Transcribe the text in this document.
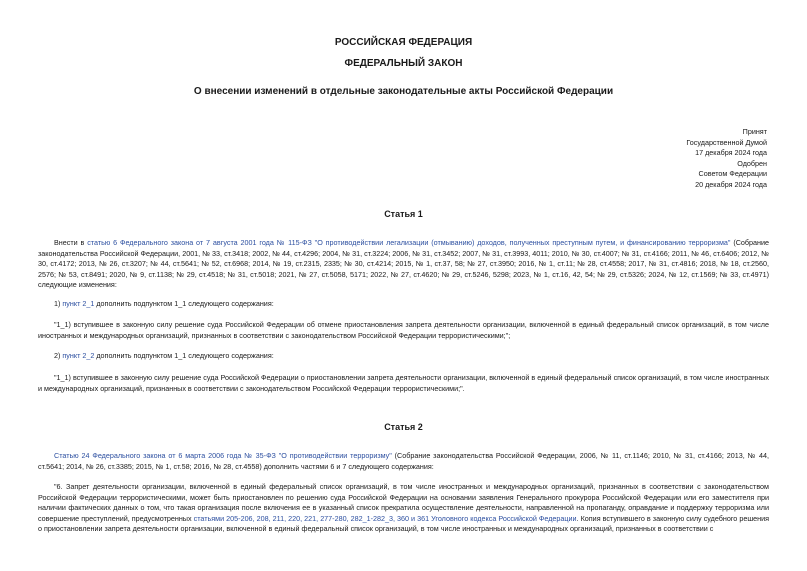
РОССИЙСКАЯ ФЕДЕРАЦИЯ
ФЕДЕРАЛЬНЫЙ ЗАКОН
О внесении изменений в отдельные законодательные акты Российской Федерации
Принят
Государственной Думой
17 декабря 2024 года
Одобрен
Советом Федерации
20 декабря 2024 года
Статья 1
Внести в статью 6 Федерального закона от 7 августа 2001 года № 115-ФЗ "О противодействии легализации (отмыванию) доходов, полученных преступным путем, и финансированию терроризма" (Собрание законодательства Российской Федерации, 2001, № 33, ст.3418; 2002, № 44, ст.4296; 2004, № 31, ст.3224; 2006, № 31, ст.3452; 2007, № 31, ст.3993, 4011; 2010, № 30, ст.4007; № 31, ст.4166; 2011, № 46, ст.6406; 2012, № 30, ст.4172; 2013, № 26, ст.3207; № 44, ст.5641; № 52, ст.6968; 2014, № 19, ст.2315, 2335; № 30, ст.4214; 2015, № 1, ст.37, 58; № 27, ст.3950; 2016, № 1, ст.11; № 28, ст.4558; 2017, № 31, ст.4816; 2018, № 18, ст.2560, 2576; № 53, ст.8491; 2020, № 9, ст.1138; № 29, ст.4518; № 31, ст.5018; 2021, № 27, ст.5058, 5171; 2022, № 27, ст.4620; № 29, ст.5246, 5298; 2023, № 1, ст.16, 42, 54; № 29, ст.5326; 2024, № 12, ст.1569; № 33, ст.4971) следующие изменения:
1) пункт 2_1 дополнить подпунктом 1_1 следующего содержания:
"1_1) вступившее в законную силу решение суда Российской Федерации об отмене приостановления запрета деятельности организации, включенной в единый федеральный список организаций, в том числе иностранных и международных организаций, признанных в соответствии с законодательством Российской Федерации террористическими;";
2) пункт 2_2 дополнить подпунктом 1_1 следующего содержания:
"1_1) вступившее в законную силу решение суда Российской Федерации о приостановлении запрета деятельности организации, включенной в единый федеральный список организаций, в том числе иностранных и международных организаций, признанных в соответствии с законодательством Российской Федерации террористическими;".
Статья 2
Статью 24 Федерального закона от 6 марта 2006 года № 35-ФЗ "О противодействии терроризму" (Собрание законодательства Российской Федерации, 2006, № 11, ст.1146; 2010, № 31, ст.4166; 2013, № 44, ст.5641; 2014, № 26, ст.3385; 2015, № 1, ст.58; 2016, № 28, ст.4558) дополнить частями 6 и 7 следующего содержания:
"6. Запрет деятельности организации, включенной в единый федеральный список организаций, в том числе иностранных и международных организаций, признанных в соответствии с законодательством Российской Федерации террористическими, может быть приостановлен по решению суда Российской Федерации на основании заявления Генерального прокурора Российской Федерации или его заместителя при наличии фактических данных о том, что такая организация после включения ее в указанный список прекратила осуществление деятельности, направленной на пропаганду, оправдание и поддержку терроризма или совершение преступлений, предусмотренных статьями 205-206, 208, 211, 220, 221, 277-280, 282_1-282_3, 360 и 361 Уголовного кодекса Российской Федерации. Копия вступившего в законную силу судебного решения о приостановлении запрета деятельности организации, включенной в единый федеральный список организаций, в том числе иностранных и международных организаций, признанных в соответствии с
